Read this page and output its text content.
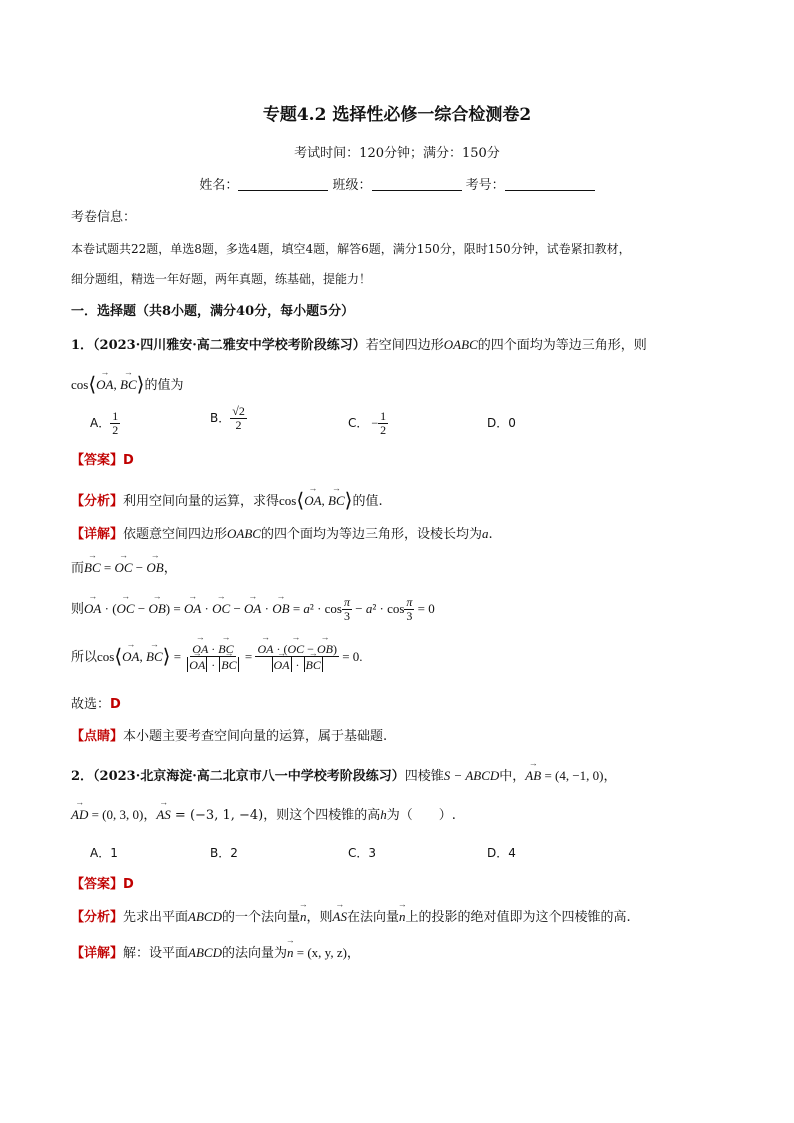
专题4.2 选择性必修一综合检测卷2
考试时间：120分钟；满分：150分
姓名：	班级：	考号：
考卷信息：
本卷试题共22题，单选8题，多选4题，填空4题，解答6题，满分150分，限时150分钟，试卷紧扣教材，
细分题组，精选一年好题，两年真题，练基础，提能力！
一．选择题（共8小题，满分40分，每小题5分）
1．（2023·四川雅安·高二雅安中学校考阶段练习）若空间四边形OABC的四个面均为等边三角形，则
cos⟨→ OA, → BC⟩的值为
A． $\frac{1}{2}$	B． $\frac{√2}{2}$	C． − $\frac{1}{2}$	D．0
【答案】D
【分析】利用空间向量的运算，求得cos⟨→ OA, → BC⟩的值.
【详解】依题意空间四边形OABC的四个面均为等边三角形，设棱长均为a.
而→ BC = → OC − → OB，
则→ OA · (→ OC − → OB) = → OA · → OC − → OA · → OB = $a^2 \cdot \cos \frac{\pi}{3} - a^2 \cdot \cos \frac{\pi}{3} = 0$
所以cos⟨→ OA, → BC⟩ = → OA · → BC
→ OA · → BC = → OA · (→ OC − → OB)
→ OA · → BC = 0.
故选：D
【点睛】本小题主要考查空间向量的运算，属于基础题.
2．（2023·北京海淀·高二北京市八一中学校考阶段练习）四棱锥S − ABCD中，→ AB = (4, −1, 0)，
→ AD = (0, 3, 0)，→ AS = (−3, 1, −4)，则这个四棱锥的高h为（　　）.
A．1	B．2	C．3	D．4
【答案】D
【分析】先求出平面ABCD的一个法向量→ n，则→ AS在法向量→ n上的投影的绝对值即为这个四棱锥的高.
【详解】解：设平面ABCD的法向量为→ n = (x, y, z)，
